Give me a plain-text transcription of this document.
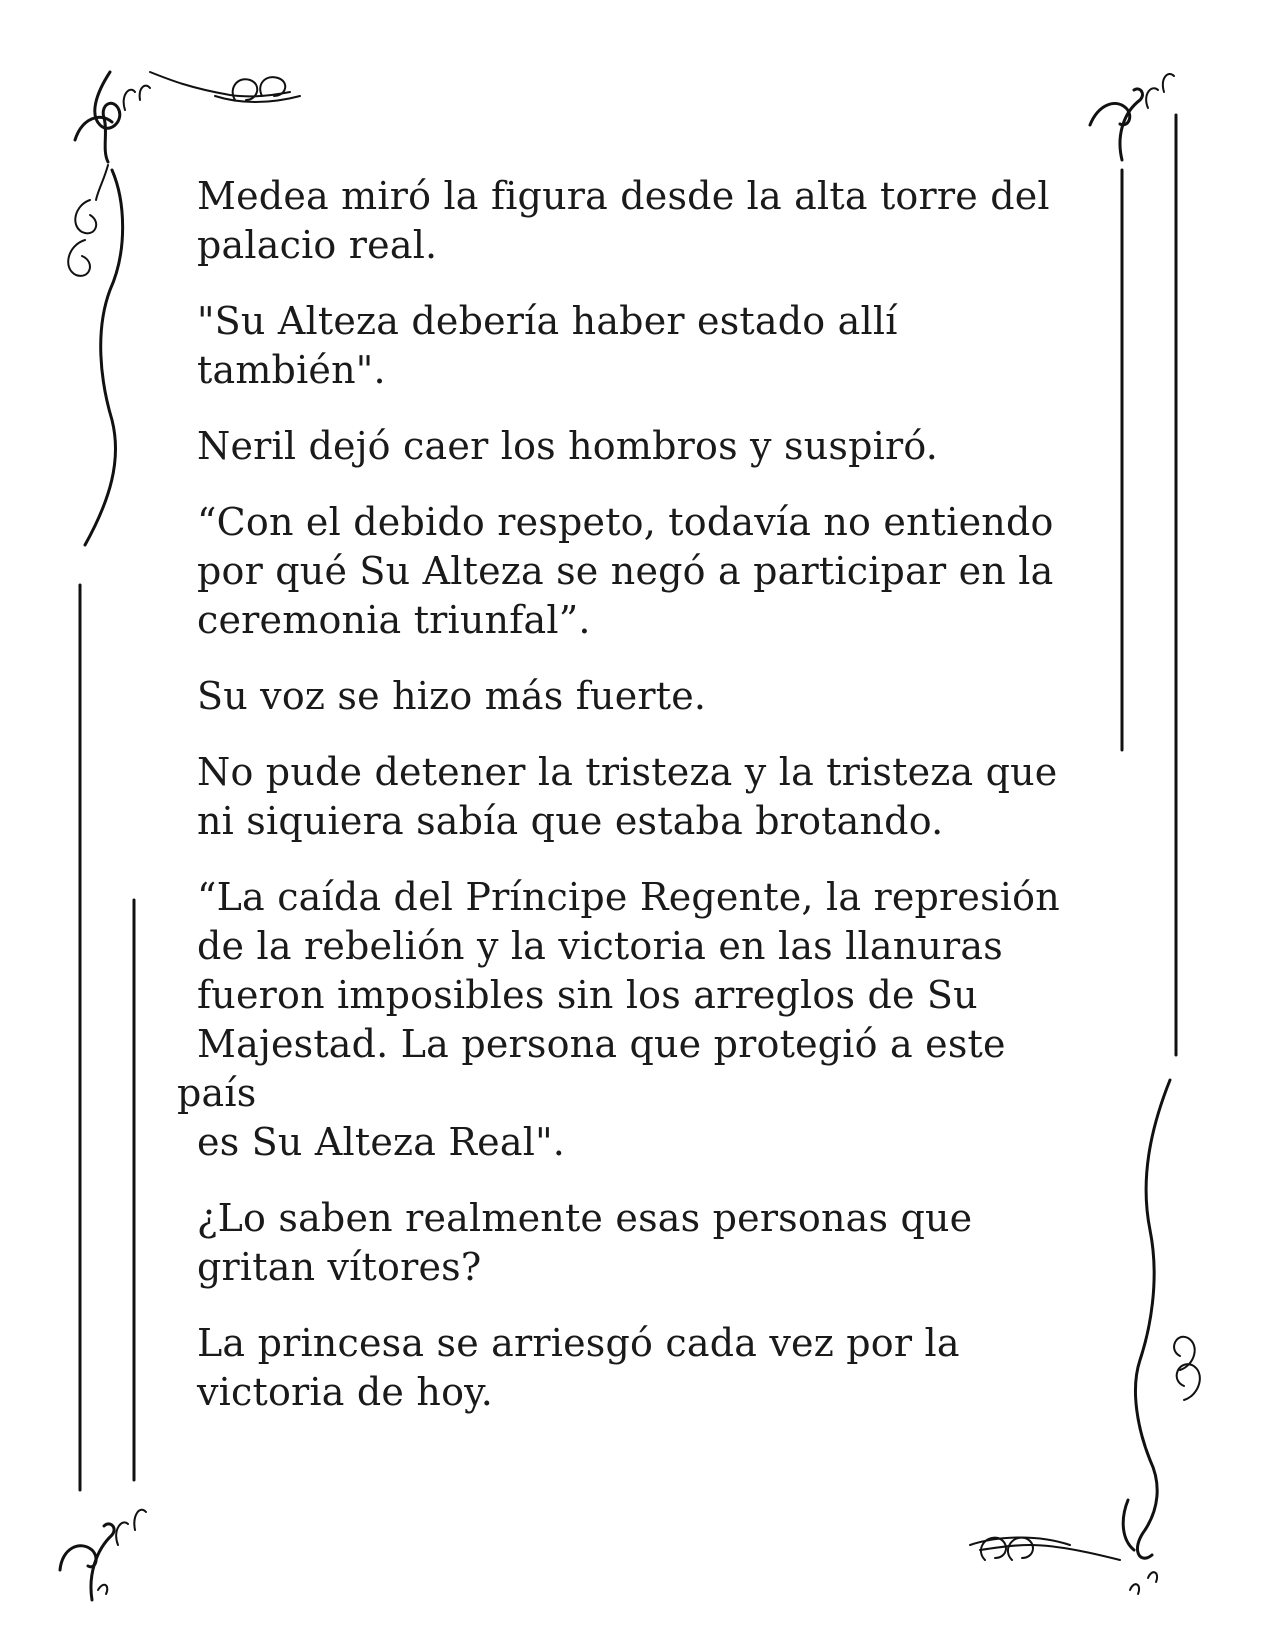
Medea miró la figura desde la alta torre del
palacio real.

"Su Alteza debería haber estado allí
también".

Neril dejó caer los hombros y suspiró.

“Con el debido respeto, todavía no entiendo
por qué Su Alteza se negó a participar en la
ceremonia triunfal”.

Su voz se hizo más fuerte.

No pude detener la tristeza y la tristeza que
ni siquiera sabía que estaba brotando.

“La caída del Príncipe Regente, la represión
de la rebelión y la victoria en las llanuras
fueron imposibles sin los arreglos de Su
Majestad. La persona que protegió a este país
es Su Alteza Real".

¿Lo saben realmente esas personas que
gritan vítores?

La princesa se arriesgó cada vez por la
victoria de hoy.
